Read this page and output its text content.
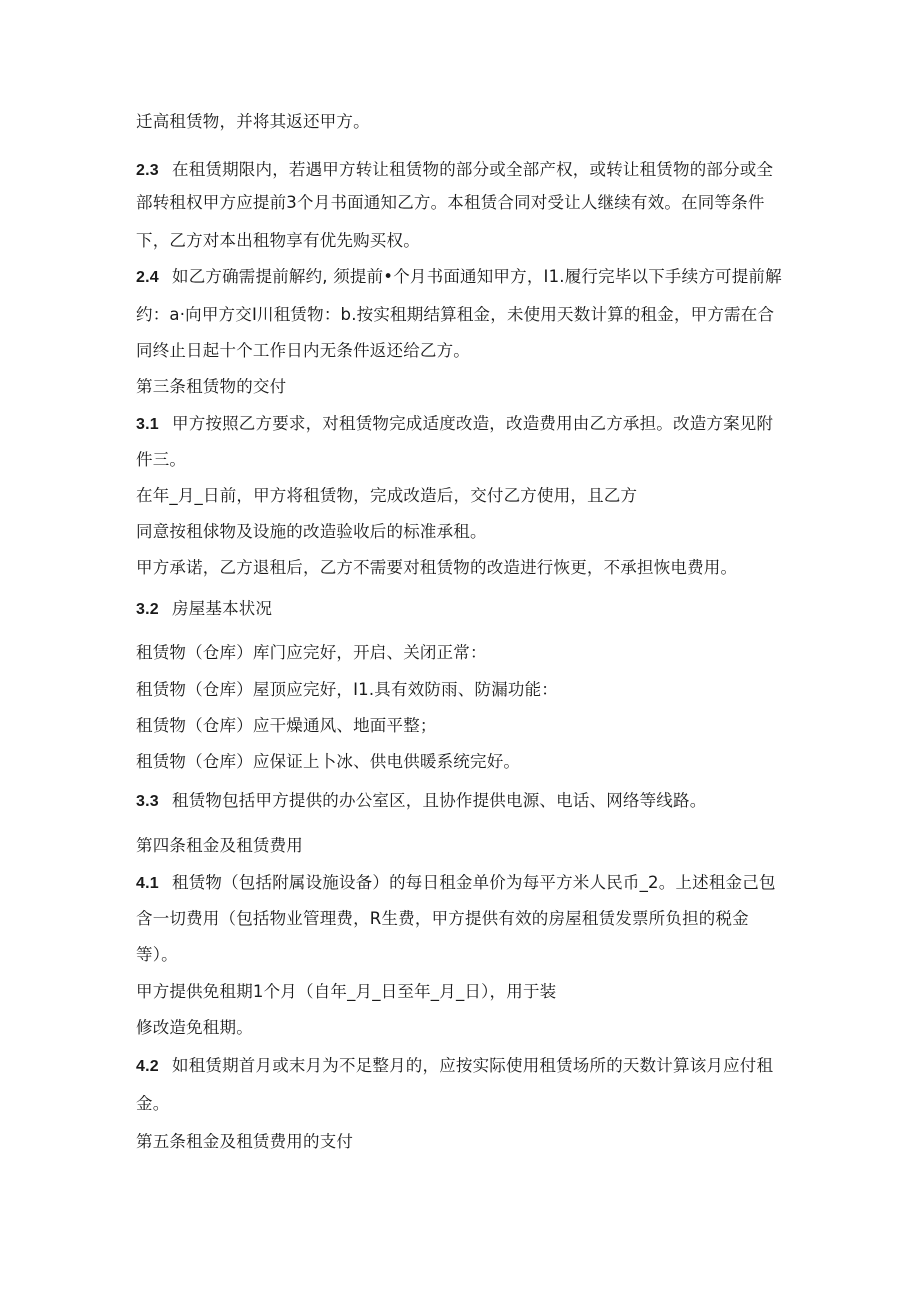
迁高租赁物，并将其返还甲方。
2.3 在租赁期限内，若遇甲方转让租赁物的部分或全部产权，或转让租赁物的部分或全
部转租权甲方应提前3个月书面通知乙方。本租赁合同对受让人继续有效。在同等条件
下，乙方对本出租物享有优先购买权。
2.4 如乙方确需提前解约, 须提前•个月书面通知甲方，I1.履行完毕以下手续方可提前解
约：a·向甲方交I川租赁物：b.按实租期结算租金，未使用天数计算的租金，甲方需在合
同终止日起十个工作日内无条件返还给乙方。
第三条租赁物的交付
3.1 甲方按照乙方要求，对租赁物完成适度改造，改造费用由乙方承担。改造方案见附
件三。
在年_月_日前，甲方将租赁物，完成改造后，交付乙方使用，且乙方
同意按租俅物及设施的改造验收后的标准承租。
甲方承诺，乙方退租后，乙方不需要对租赁物的改造进行恢更，不承担恢电费用。
3.2 房屋基本状况
租赁物（仓库）库门应完好，开启、关闭正常：
租赁物（仓库）屋顶应完好，I1.具有效防雨、防漏功能：
租赁物（仓库）应干燥通风、地面平整；
租赁物（仓库）应保证上卜冰、供电供暖系统完好。
3.3 租赁物包括甲方提供的办公室区，且协作提供电源、电话、网络等线路。
第四条租金及租赁费用
4.1 租赁物（包括附属设施设备）的每日租金单价为每平方米人民币_2。上述租金己包
含一切费用（包括物业管理费，R生费，甲方提供有效的房屋租赁发票所负担的税金
等）。
甲方提供免租期1个月（自年_月_日至年_月_日），用于装
修改造免租期。
4.2 如租赁期首月或末月为不足整月的，应按实际使用租赁场所的天数计算该月应付租
金。
第五条租金及租赁费用的支付
